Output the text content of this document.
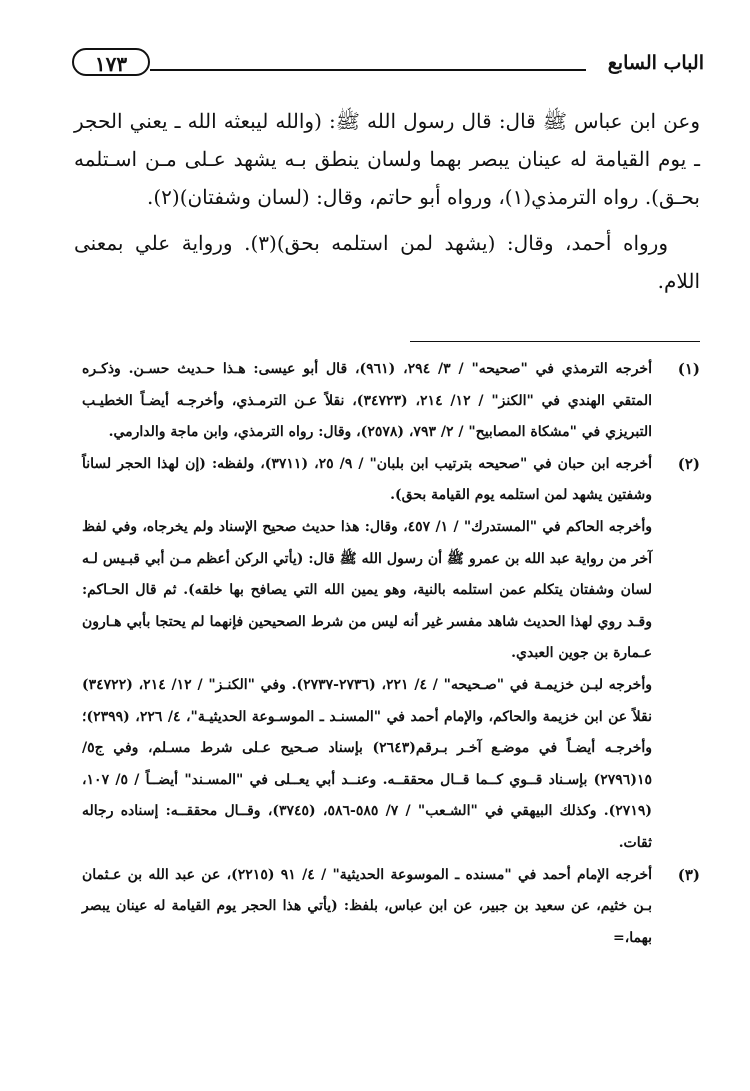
الباب السابع
١٧٣

وعن ابن عباس ﷺ قال: قال رسول الله ﷺ: (والله ليبعثه الله ـ يعني الحجر ـ يوم القيامة له عينان يبصر بهما ولسان ينطق بـه يشهد عـلى مـن اسـتلمه بحـق). رواه الترمذي(١)، ورواه أبو حاتم، وقال: (لسان وشفتان)(٢).

ورواه أحمد، وقال: (يشهد لمن استلمه بحق)(٣). ورواية علي بمعنى اللام.

(١)

أخرجه الترمذي في "صحيحه" / ٣/ ٢٩٤، (٩٦١)، قال أبو عيسى: هـذا حـديث حسـن. وذكـره المتقي الهندي في "الكنز" / ١٢/ ٢١٤، (٣٤٧٢٣)، نقلاً عـن الترمـذي، وأخرجـه أيضـاً الخطيـب التبريزي في "مشكاة المصابيح" / ٢/ ٧٩٣، (٢٥٧٨)، وقال: رواه الترمذي، وابن ماجة والدارمي.

(٢)

أخرجه ابن حبان في "صحيحه بترتيب ابن بلبان" / ٩/ ٢٥، (٣٧١١)، ولفظه: (إن لهذا الحجر لساناً وشفتين يشهد لمن استلمه يوم القيامة بحق).

وأخرجه الحاكم في "المستدرك" / ١/ ٤٥٧، وقال: هذا حديث صحيح الإسناد ولم يخرجاه، وفي لفظ آخر من رواية عبد الله بن عمرو ﷺ أن رسول الله ﷺ قال: (يأتي الركن أعظم مـن أبي قبـيس لـه لسان وشفتان يتكلم عمن استلمه بالنية، وهو يمين الله التي يصافح بها خلقه). ثم قال الحـاكم: وقـد روي لهذا الحديث شاهد مفسر غير أنه ليس من شرط الصحيحين فإنهما لم يحتجا بأبي هـارون عـمارة بن جوين العبدي.

وأخرجه لبـن خزيمـة في "صـحيحه" / ٤/ ٢٢١، (٢٧٣٦-٢٧٣٧). وفي "الكنـز" / ١٢/ ٢١٤، (٣٤٧٢٢) نقلاً عن ابن خزيمة والحاكم، والإمام أحمد في "المسنـد ـ الموسـوعة الحديثيـة"، ٤/ ٢٢٦، (٢٣٩٩)؛ وأخرجـه أيضـاً في موضـع آخـر بـرقم(٢٦٤٣) بإسناد صـحيح عـلى شرط مسـلم، وفي ج٥/ ١٥(٢٧٩٦) بإسـناد قــوي كــما قــال محققــه. وعنــد أبي يعــلى في "المسـند" أيضــاً / ٥/ ١٠٧،(٢٧١٩). وكذلك البيهقي في "الشـعب" / ٧/ ٥٨٥-٥٨٦، (٣٧٤٥)، وقــال محققــه: إسناده رجاله ثقات.

(٣)

أخرجه الإمام أحمد في "مسنده ـ الموسوعة الحديثية" / ٤/ ٩١ (٢٢١٥)، عن عبد الله بن عـثمان بـن خثيم، عن سعيد بن جبير، عن ابن عباس، بلفظ: (يأتي هذا الحجر يوم القيامة له عينان يبصر بهما،=
